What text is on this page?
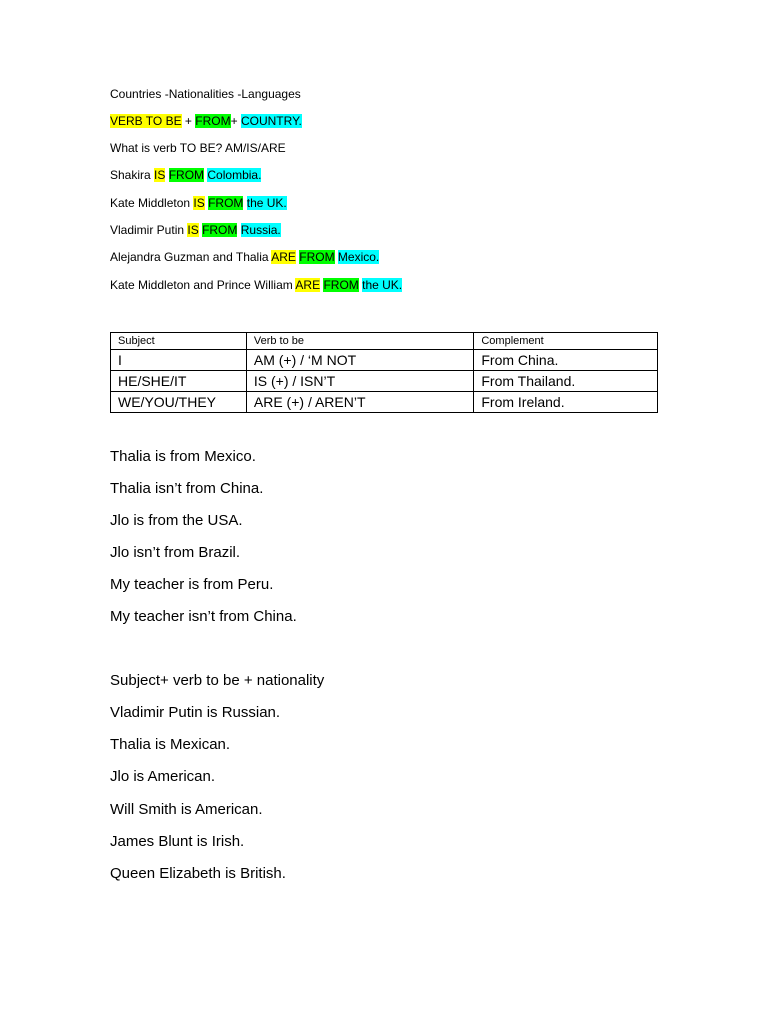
Countries -Nationalities -Languages
VERB TO BE + FROM+ COUNTRY.
What is verb TO BE? AM/IS/ARE
Shakira IS FROM Colombia.
Kate Middleton IS FROM the UK.
Vladimir Putin IS FROM Russia.
Alejandra Guzman and Thalia ARE FROM Mexico.
Kate Middleton and Prince William ARE FROM the UK.
Subject	Verb to be	Complement
I	AM (+) / ‘M NOT	From China.
HE/SHE/IT	IS (+) / ISN’T	From Thailand.
WE/YOU/THEY	ARE (+) / AREN’T	From Ireland.
Thalia is from Mexico.
Thalia isn’t from China.
Jlo is from the USA.
Jlo isn’t from Brazil.
My teacher is from Peru.
My teacher isn’t from China.
Subject+ verb to be + nationality
Vladimir Putin is Russian.
Thalia is Mexican.
Jlo is American.
Will Smith is American.
James Blunt is Irish.
Queen Elizabeth is British.
